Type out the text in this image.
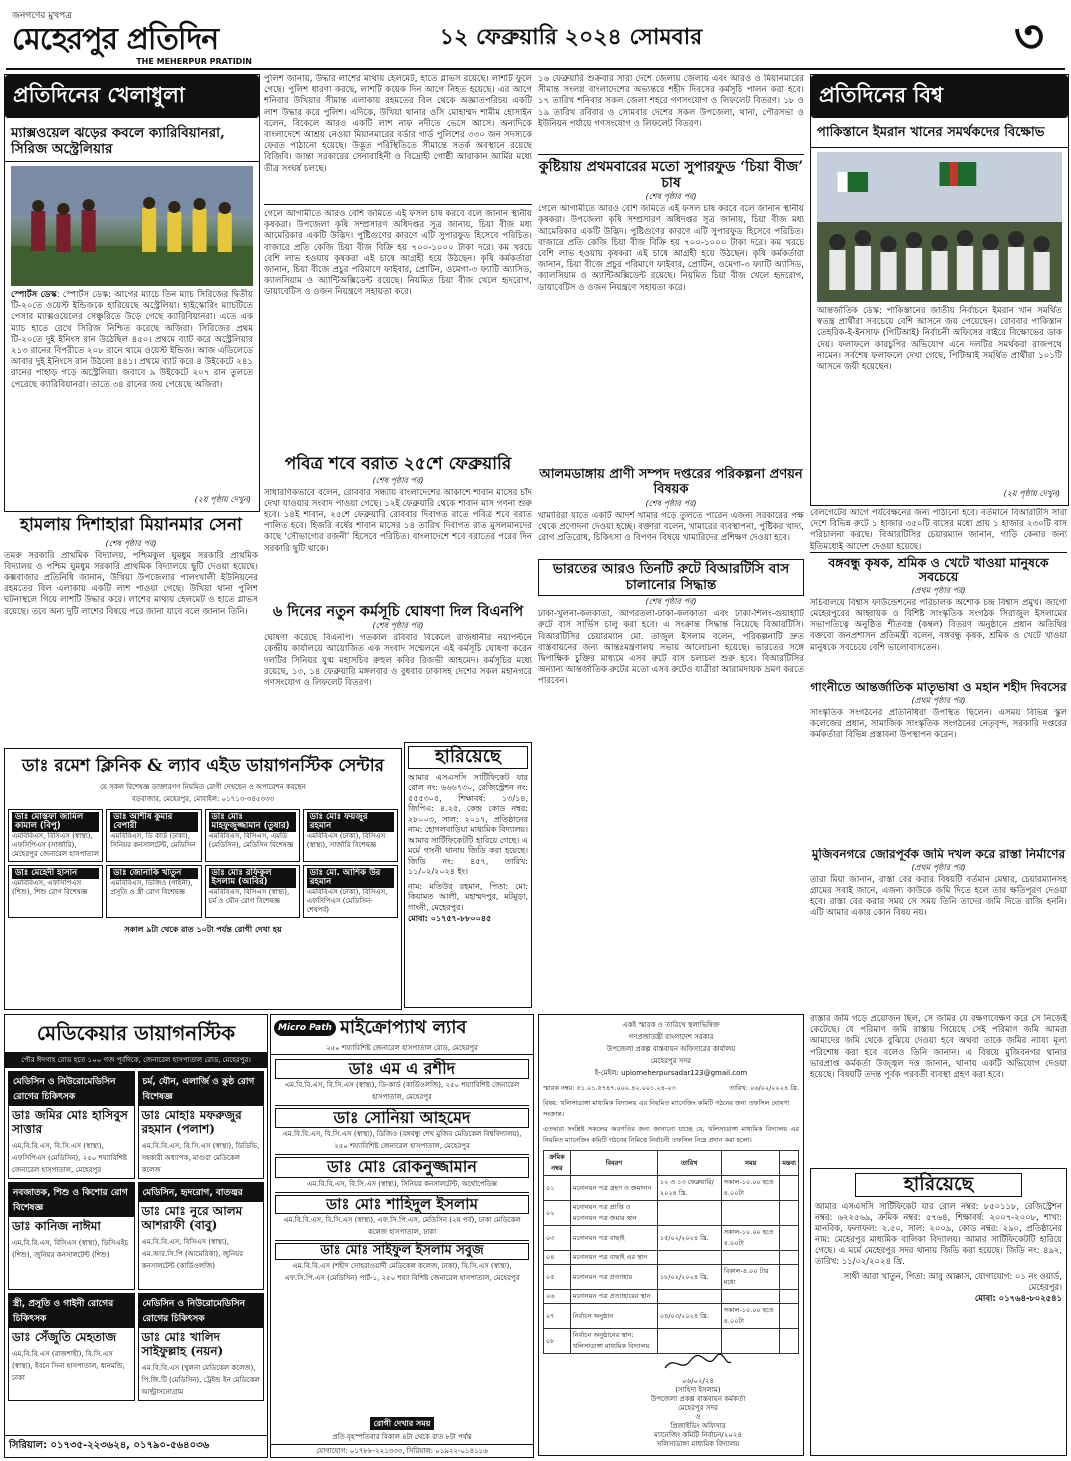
জনগণের মুখপত্র
মেহেরপুর প্রতিদিন
THE MEHERPUR PRATIDIN
১২ ফেব্রুয়ারি ২০২৪ সোমবার	৩
প্রতিদিনের খেলাধুলা
ম্যাক্সওয়েল ঝড়ের কবলে ক্যারিবিয়ানরা, সিরিজ অস্ট্রেলিয়ার
স্পোর্টস ডেস্ক: স্পোর্টস ডেস্ক: আগের ম্যাচে তিন ম্যাচ সিরিজের দ্বিতীয় টি-২০তে ওয়েস্ট ইন্ডিজকে হারিয়েছে অস্ট্রেলিয়া। হাইস্কোরিং ম্যাচটিতে পেসার ম্যাক্সওয়েলের সেঞ্চুরিতে উড়ে গেছে ক্যারিবিয়ানরা। এতে এক ম্যাচ হাতে রেখে সিরিজ নিশ্চিত করেছে অজিরা। সিরিজের প্রথম টি-২০তে দুই ইনিংস রান উঠেছিল ৪৫০। প্রথমে ব্যাট করে অস্ট্রেলিয়ার ২১৩ রানের বিপরীতে ২০৮ রানে থামে ওয়েস্ট ইন্ডিজ। আজ এডিলেডে আবার দুই ইনিংসে রান উঠলো ৪৪১। প্রথমে ব্যাট করে ৪ উইকেটে ২৪১ রানের পাহাড় গড়ে অস্ট্রেলিয়া। জবাবে ৯ উইকেটে ২০৭ রান তুলতে পেরেছে ক্যারিবিয়ানরা। তাতে ৩৪ রানের জয় পেয়েছে অজিরা।
(২য় পৃষ্ঠায় দেখুন)
হামলায় দিশাহারা মিয়ানমার সেনা
(শেষ পৃষ্ঠার পর)
তমরু সরকারি প্রাথমিক বিদ্যালয়, পশ্চিমকুল ঘুমধুম সরকারি প্রাথমিক বিদ্যালয় ও পশ্চিম ঘুমধুম সরকারি প্রাথমিক বিদ্যালয়ে ছুটি দেওয়া হয়েছে। কক্সবাজার প্রতিনিধি জানান, উখিয়া উপজেলার পালংখালী ইউনিয়নের রহমতের বিল এলাকায় একটি লাশ পাওয়া গেছে। উখিয়া থানা পুলিশ ঘটনাস্থলে গিয়ে লাশটি উদ্ধার করে। লাশের মাথায় হেলমেট ও হাতে গ্লাভস রয়েছে। তবে অন্য দুটি লাশের বিষয়ে পরে জানা যাবে বলে জানান তিনি।
পুলিশ জানায়, উদ্ধার লাশের মাথায় হেলমেট, হাতে গ্লাভস রয়েছে। লাশটি ফুলে গেছে। পুলিশ ধারণা করছে, লাশটি কয়েক দিন আগে নিহত হয়েছে। এর আগে শনিবার উখিয়ার সীমান্ত এলাকায় রহমতের বিল থেকে অজ্ঞাতপরিচয় একটি লাশ উদ্ধার করে পুলিশ। এদিকে, উখিয়া থানার ওসি মোহাম্মদ শামীম হোসাইন বলেন, বিকেলে আরও একটি লাশ নাফ নদীতে ভেসে আসে। অন্যদিকে বাংলাদেশে আশ্রয় নেওয়া মিয়ানমারের বর্ডার গার্ড পুলিশের ৩৩০ জন সদস্যকে ফেরত পাঠানো হয়েছে। উদ্ভূত পরিস্থিতিতে সীমান্তে সতর্ক অবস্থানে রয়েছে বিজিবি। জান্তা সরকারের সেনাবাহিনী ও বিদ্রোহী গোষ্ঠী আরাকান আর্মির মধ্যে তীব্র সংঘর্ষ চলছে।
গেলে আগামীতে আরও বেশি জমিতে এই ফসল চাষ করবে বলে জানান স্থানীয় কৃষকরা। উপজেলা কৃষি সম্প্রসারণ অধিদপ্তর সূত্র জানায়, চিয়া বীজ মধ্য আমেরিকার একটি উদ্ভিদ। পুষ্টিগুণের কারণে এটি সুপারফুড হিসেবে পরিচিত। বাজারে প্রতি কেজি চিয়া বীজ বিক্রি হয় ৭০০-১০০০ টাকা দরে। কম খরচে বেশি লাভ হওয়ায় কৃষকরা এই চাষে আগ্রহী হয়ে উঠছেন। কৃষি কর্মকর্তারা জানান, চিয়া বীজে প্রচুর পরিমাণে ফাইবার, প্রোটিন, ওমেগা-৩ ফ্যাটি অ্যাসিড, ক্যালসিয়াম ও অ্যান্টিঅক্সিডেন্ট রয়েছে। নিয়মিত চিয়া বীজ খেলে হৃদরোগ, ডায়াবেটিস ও ওজন নিয়ন্ত্রণে সহায়তা করে।
পবিত্র শবে বরাত ২৫শে ফেব্রুয়ারি
(শেষ পৃষ্ঠার পর)
সাধারণিকভাবে বলেন, রোববার সন্ধ্যায় বাংলাদেশের আকাশে শাবান মাসের চাঁদ দেখা যাওয়ার সংবাদ পাওয়া গেছে। ১২ই ফেব্রুয়ারি থেকে শাবান মাস গণনা শুরু হবে। ১৪ই শাবান, ২৫শে ফেব্রুয়ারি রোববার দিবাগত রাতে পবিত্র শবে বরাত পালিত হবে। হিজরি বর্ষের শাবান মাসের ১৪ তারিখ দিবাগত রাত মুসলমানদের কাছে ‘সৌভাগ্যের রজনী’ হিসেবে পরিচিত। বাংলাদেশে শবে বরাতের পরের দিন সরকারি ছুটি থাকে।
৬ দিনের নতুন কর্মসূচি ঘোষণা দিল বিএনপি
(শেষ পৃষ্ঠার পর)
ঘোষণা করেছে বিএনপি। গতকাল রবিবার বিকেলে রাজধানীর নয়াপল্টনে কেন্দ্রীয় কার্যালয়ে আয়োজিত এক সংবাদ সম্মেলনে এই কর্মসূচি ঘোষণা করেন দলটির সিনিয়র যুগ্ম মহাসচিব রুহুল কবির রিজভী আহমেদ। কর্মসূচির মধ্যে রয়েছে, ১৩, ১৪ ফেব্রুয়ারি মঙ্গলবার ও বুধবার ঢাকাসহ দেশের সকল মহানগরে গণসংযোগ ও লিফলেট বিতরণ।
১৬ ফেব্রুয়ারি শুক্রবার সারা দেশে জেলায় জেলায় এবং আরও ও মিয়ানমারের সীমান্ত সংলগ্ন বাংলাদেশের অভ্যন্তরে শহীদ দিবসের কর্মসূচি পালন করা হবে। ১৭ তারিখ শনিবার সকল জেলা শহরে গণসংযোগ ও লিফলেট বিতরণ। ১৮ ও ১৯ তারিখ রবিবার ও সোমবার দেশের সকল উপজেলা, থানা, পৌরসভা ও ইউনিয়ন পর্যায়ে গণসংযোগ ও লিফলেট বিতরণ।
কুষ্টিয়ায় প্রথমবারের মতো সুপারফুড ‘চিয়া বীজ’ চাষ
(শেষ পৃষ্ঠার পর)
গেলে আগামীতে আরও বেশি জমিতে এই ফসল চাষ করবে বলে জানান স্থানীয় কৃষকরা। উপজেলা কৃষি সম্প্রসারণ অধিদপ্তর সূত্র জানায়, চিয়া বীজ মধ্য আমেরিকার একটি উদ্ভিদ। পুষ্টিগুণের কারণে এটি সুপারফুড হিসেবে পরিচিত। বাজারে প্রতি কেজি চিয়া বীজ বিক্রি হয় ৭০০-১০০০ টাকা দরে। কম খরচে বেশি লাভ হওয়ায় কৃষকরা এই চাষে আগ্রহী হয়ে উঠছেন। কৃষি কর্মকর্তারা জানান, চিয়া বীজে প্রচুর পরিমাণে ফাইবার, প্রোটিন, ওমেগা-৩ ফ্যাটি অ্যাসিড, ক্যালসিয়াম ও অ্যান্টিঅক্সিডেন্ট রয়েছে। নিয়মিত চিয়া বীজ খেলে হৃদরোগ, ডায়াবেটিস ও ওজন নিয়ন্ত্রণে সহায়তা করে।
আলমডাঙ্গায় প্রাণী সম্পদ দপ্তরের পরিকল্পনা প্রণয়ন বিষয়ক
(শেষ পৃষ্ঠার পর)
খামারিরা যাতে একটি আদর্শ খামার গড়ে তুলতে পারেন এজন্য সরকারের পক্ষ থেকে প্রণোদনা দেওয়া হচ্ছে। বক্তারা বলেন, খামারের ব্যবস্থাপনা, পুষ্টিকর খাদ্য, রোগ প্রতিরোধ, চিকিৎসা ও বিপণন বিষয়ে খামারিদের প্রশিক্ষণ দেওয়া হবে।
ভারতের আরও তিনটি রুটে বিআরটিসি বাস চালানোর সিদ্ধান্ত
(শেষ পৃষ্ঠার পর)
ঢাকা-খুলনা-কলকাতা, আগরতলা-ঢাকা-কলকাতা এবং ঢাকা-শিলং-গুয়াহাটি রুটে বাস সার্ভিস চালু করা হবে। এ সংক্রান্ত সিদ্ধান্ত নিয়েছে বিআরটিসি। বিআরটিসির চেয়ারম্যান মো. তাজুল ইসলাম বলেন, পরিকল্পনাটি দ্রুত বাস্তবায়নের জন্য আন্তঃমন্ত্রণালয় সভায় আলোচনা হয়েছে। ভারতের সঙ্গে দ্বিপাক্ষিক চুক্তির মাধ্যমে এসব রুটে বাস চলাচল শুরু হবে। বিআরটিসির অন্যান্য আন্তর্জাতিক রুটের মতো এসব রুটেও যাত্রীরা আরামদায়ক ভ্রমণ করতে পারবেন।
প্রতিদিনের বিশ্ব
পাকিস্তানে ইমরান খানের সমর্থকদের বিক্ষোভ
আন্তর্জাতিক ডেস্ক: পাকিস্তানের জাতীয় নির্বাচনে ইমরান খান সমর্থিত স্বতন্ত্র প্রার্থীরা সবচেয়ে বেশি আসনে জয় পেয়েছেন। রোববার পাকিস্তান তেহরিক-ই-ইনসাফ (পিটিআই) নির্বাচনী অফিসের বাইরে বিক্ষোভের ডাক দেয়। ফলাফলে কারচুপির অভিযোগ এনে দলটির সমর্থকরা রাজপথে নামেন। সর্বশেষ ফলাফলে দেখা গেছে, পিটিআই সমর্থিত প্রার্থীরা ১০১টি আসনে জয়ী হয়েছেন।
(২য় পৃষ্ঠায় দেখুন)
বেলগেটের আগে পর্যবেক্ষনের জন্য পাঠানো হবে। বর্তমানে বিআরটিসি সারা দেশে বিভিন্ন রুটে ১ হাজার ৩৫০টি বাসের মধ্যে প্রায় ১ হাজার ২৩০টি বাস পরিচালনা করছে। বিআরটিসির চেয়ারম্যান জানান, গাড়ি কেনার জন্য ইতিমধ্যেই আদেশ দেওয়া হয়েছে।
বঙ্গবন্ধু কৃষক, শ্রমিক ও খেটে খাওয়া মানুষকে সবচেয়ে
(প্রথম পৃষ্ঠার পর)
সচিবালয়ে বিশ্বাস ফাউন্ডেশনের পরিচালক অশোক চন্দ্র বিশ্বাস প্রমুখ। জাগো মেহেরপুরের আহ্বায়ক ও বিশিষ্ট সাংস্কৃতিক সংগঠক সিরাজুল ইসলামের সভাপতিত্বে অনুষ্ঠিত শীতবস্ত্র (কম্বল) বিতরণ অনুষ্ঠানে প্রধান অতিথির বক্তব্যে জনপ্রশাসন প্রতিমন্ত্রী বলেন, বঙ্গবন্ধু কৃষক, শ্রমিক ও খেটে খাওয়া মানুষকে সবচেয়ে বেশি ভালোবাসতেন।
গাংনীতে আন্তর্জাতিক মাতৃভাষা ও মহান শহীদ দিবসের
(প্রথম পৃষ্ঠার পর)
সাংস্কৃতিক সংগঠনের প্রতিনিধিরা উপস্থিত ছিলেন। এসময় বিভিন্ন স্কুল কলেজের প্রধান, সামাজিক সাংস্কৃতিক সংগঠনের নেতৃবৃন্দ, সরকারি দপ্তরের কর্মকর্তারা বিভিন্ন প্রস্তাবনা উপস্থাপন করেন।
মুজিবনগরে জোরপূর্বক জমি দখল করে রাস্তা নির্মাণের
(প্রথম পৃষ্ঠার পর)
তারা মিয়া জানান, রাস্তা বের করার বিষয়টি বর্তমান মেম্বার, চেয়ারম্যানসহ গ্রামের সবাই জানে, এজন্য কাউকে জমি দিতে হলে তার ক্ষতিপূরণ দেওয়া হবে। রাস্তা বের করার সময় সে সময় তিনি তাদের জমি দিতে রাজি হননি। এটি আমার একার কোন বিষয় নয়।
ডাঃ রমেশ ক্লিনিক & ল্যাব এইড ডায়াগনস্টিক সেন্টার
যে সকল বিশেষজ্ঞ ডাক্তারগণ নিয়মিত রোগী দেখছেন ও অপারেশন করছেন
বড়বাজার, মেহেরপুর, মোবাইল: ০১৭১৩-৩৪৫৩৩৩
ডাঃ মোস্তফা জামিল কামাল (বিপু)
এমবিবিএস, বিসিএস (স্বাস্থ্য), এফসিপিএস (সার্জারি), মেহেরপুর জেনারেল হাসপাতাল
ডাঃ আশীষ কুমার বেপারী
এমবিবিএস, ডি কার্ড (ঢাকা), সিনিয়র কনসালটেন্ট, মেডিসিন
ডাঃ মোঃ মাহফুজুজ্জামান (তুষার)
এমবিবিএস, বিসিএস, এমডি (মেডিসিন), মেডিসিন বিশেষজ্ঞ
ডাঃ মোঃ ফয়জুর রহমান
এমবিবিএস (ঢাকা), বিসিএস (স্বাস্থ্য), সার্জারি বিশেষজ্ঞ
ডাঃ মেহেদী হাসান
এমবিবিএস, এফসিপিএস (শিশু), শিশু রোগ বিশেষজ্ঞ
ডাঃ জোনাকি খাতুন
এমবিবিএস, ডিজিও (গাইনী), প্রসূতি ও স্ত্রী রোগ বিশেষজ্ঞ
ডাঃ মোঃ রফিকুল ইসলাম (আবির)
এমবিবিএস, বিসিএস (স্বাস্থ্য), চর্ম ও যৌন রোগ বিশেষজ্ঞ
ডাঃ মো. আশিক উর রহমান
এমবিবিএস (ঢাকা), বিসিএস, এফসিপিএস (মেডিসিন-শেষপর্ব)
সকাল ৯টা থেকে রাত ১০টা পর্যন্ত রোগী দেখা হয়
হারিয়েছে
আমার এসএসসি সার্টিফিকেট যার রোল নং: ৬৬৬৭৩০, রেজিস্ট্রেশন নং: ৫৫৫৩০৫, শিক্ষাবর্ষ: ১৩/১৪, জিপিএ: ৪.২৫, কেন্দ্র কোড নম্বর: ২৮০০৩, সাল: ২০১৭, প্রতিষ্ঠানের নাম: হোগলবাড়িয়া মাধ্যমিক বিদ্যালয়। আমার সার্টিফিকেটটি হারিয়ে গেছে। এ মর্মে গাংনী থানায় জিডি করা হয়েছে। জিডি নং: ৪৫৭, তারিখ: ১১/০২/২০২৪ ইং।
নাম: মতিউর রহমান, পিতা: মো: কিয়ামত আলী, মহাম্মদপুর, মটমুড়া, গাংনী, মেহেরপুর।
মোবা: ০১৭৫৭-৮৮০০৪৫
মেডিকেয়ার ডায়াগনস্টিক
পৌর ঈদগাহ রোড হতে ১০০ গজ পূর্বদিকে, জেনারেল হাসপাতাল রোড, মেহেরপুর।
মেডিসিন ও নিউরোমেডিসিন রোগের চিকিৎসক
ডাঃ জমির মোঃ হাসিবুস সাত্তার
এম.বি.বি.এস, বি.সি.এস (স্বাস্থ্য), এফসিপিএস (মেডিসিন), ২৫০ শয্যাবিশিষ্ট জেনারেল হাসপাতাল, মেহেরপুর
চর্ম, যৌন, এলার্জি ও কুষ্ঠ রোগ বিশেষজ্ঞ
ডাঃ মোহাঃ মফরুজুর রহমান (পলাশ)
এম.বি.বি.এস, বি.সি.এস (স্বাস্থ্য), ডিডিভি, সহকারী অধ্যাপক, মাগুরা মেডিকেল কলেজ
নবজাতক, শিশু ও কিশোর রোগ বিশেষজ্ঞ
ডাঃ কানিজ নাঈমা
এম.বি.বি.এস, বিসিএস (স্বাস্থ্য), ডিসিএইচ (শিশু), জুনিয়র কনসালটেন্ট (শিশু)
মেডিসিন, হৃদরোগ, বাতজ্বর
ডাঃ মোঃ নুরে আলম আশরাফী (বাবু)
এম.বি.বি.এস, বিসিএস (স্বাস্থ্য), এম.আর.সি.পি (আমেরিকা), জুনিয়র কনসালটেন্ট (কার্ডিওলজি)
স্ত্রী, প্রসূতি ও গাইনী রোগের চিকিৎসক
ডাঃ সেঁজুতি মেহতাজ
এম.বি.বি.এস (রাজশাহী), বি.সি.এস (স্বাস্থ্য), ইবনে সিনা হাসপাতাল, ধানমন্ডি, ঢাকা
মেডিসিন ও নিউরোমেডিসিন রোগের চিকিৎসক
ডাঃ মোঃ খালিদ সাইফুল্লাহ (নয়ন)
এম.বি.বি.এস (খুলনা মেডিকেল কলেজ), পি.জি.টি (মেডিসিন), ট্রেইন্ড ইন মেডিকেল আল্ট্রাসনোগ্রাম
সিরিয়াল: ০১৭৩৫-২২৩৬২৪, ০১৭৯০-৫৬৪০৩৬
Micro Path মাইক্রোপ্যাথ ল্যাব
২৫০ শয্যাবিশিষ্ট জেনারেল হাসপাতাল রোড, মেহেরপুর
ডাঃ এম এ রশীদ
এম.বি.বি.এস, বি.সি.এস (স্বাস্থ্য), ডি-কার্ড (কার্ডিওলজি), ২৫০ শয্যাবিশিষ্ট জেনারেল হাসপাতাল, মেহেরপুর
ডাঃ সোনিয়া আহমেদ
এম.বি.বি.এস, বি.সি.এস (স্বাস্থ্য), ডিজিও (বঙ্গবন্ধু শেখ মুজিব মেডিকেল বিশ্ববিদ্যালয়), ২৫০ শয্যাবিশিষ্ট জেনারেল হাসপাতাল, মেহেরপুর
ডাঃ মোঃ রোকনুজ্জামান
এম.বি.বি.এস, বি.সি.এস (স্বাস্থ্য), সিনিয়র কনসালটেন্ট, অর্থোপেডিক্স
ডাঃ মোঃ শাহিদুল ইসলাম
এম.বি.বি.এস, বি.সি.এস (স্বাস্থ্য), এফ.সি.পি.এস, মেডিসিন (২য় পর্ব), ঢাকা মেডিকেল কলেজ হাসপাতাল, ঢাকা
ডাঃ মোঃ সাইফুল ইসলাম সবুজ
এম.বি.বি.এস (শহীদ সোহরাওয়ার্দী মেডিকেল কলেজ, ঢাকা), বি.সি.এস (স্বাস্থ্য), এফ.সি.পি.এস (মেডিসিন) পার্ট-১, ২৫০ শয্যা বিশিষ্ট জেনারেল হাসপাতাল, মেহেরপুর
রোগী দেখার সময়
প্রতি বৃহস্পতিবার বিকাল ৪টা থেকে রাত ৮টা পর্যন্ত
যোগাযোগ: ০১৭৮৮-২২১৩৩৩, সিরিয়াল: ০১৯২২-০১৪১১৬
একই স্মারক ও তারিখে স্থলাভিষিক্ত
গণপ্রজাতন্ত্রী বাংলাদেশ সরকার
উপজেলা প্রকল্প বাস্তবায়ন অফিসারের কার্যালয়
মেহেরপুর সদর
ই-মেইল: upiomeherpursadar123@gmail.com
স্মারক নম্বর: ৫১.০১.৫৭৪৭.০০০.৪২.০০১.২৪-২৩	তারিখ: ০৬/০২/২০২৪ খ্রি.
বিষয়: খলিসাডাঙ্গা মাধ্যমিক বিদ্যালয় এর নিয়মিত ম্যানেজিং কমিটি গঠনের জন্য তফসিল ঘোষণা সংক্রান্ত।
এতদ্বারা সংশ্লিষ্ট সকলের অবগতির জন্য জানানো যাচ্ছে যে, খলিসাডাঙ্গা মাধ্যমিক বিদ্যালয় এর নিয়মিত ম্যানেজিং কমিটি গঠনের নিমিত্তে নির্বাচনী তফসিল নিম্নে প্রদান করা হলো।
ক্রমিক নম্বর	বিবরণ	তারিখ	সময়	মন্তব্য
০১	মনোনয়ন পত্র গ্রহণ ও জমাদান	১২ ও ১৩ ফেব্রুয়ারি/২০২৪ খ্রি.	সকাল-১০.০০ হতে ৪.০০টা	
০২	মনোনয়ন পত্র প্রাপ্তি ও মনোনয়ন পত্র জমার স্থান			
০৩	মনোনয়ন পত্র বাছাই	১৫/০২/২০২৪ খ্রি.	সকাল-১০.০০ হতে ৪.০০টা	
০৪	মনোনয়ন পত্র বাছাই এর স্থান			
০৫	মনোনয়ন পত্র প্রত্যাহার	১৮/০২/২০২৪ খ্রি.	বিকাল-৪.০০ টার মধ্যে	
০৬	মনোনয়ন পত্র প্রত্যাহারের স্থান			
০৭	নির্বাচন অনুষ্ঠান	০৪/০৩/২০২৪ খ্রি.	সকাল-১০.০০ হতে ৪.০০টা	
০৮	নির্বাচন অনুষ্ঠানের স্থান: খলিসাডাঙ্গা মাধ্যমিক বিদ্যালয়			
০৬/০২/২৪
(সাহিদা ইসলাম)
উপজেলা প্রকল্প বাস্তবায়ন কর্মকর্তা
মেহেরপুর সদর
ও
প্রিজাইডিং অফিসার
ম্যানেজিং কমিটি নির্বাচন/২০২৪
খলিসাডাঙ্গা মাধ্যমিক বিদ্যালয়
রাস্তার জমি গড়ে প্রয়োজন ছিল, সে জমির যে রক্ষণাবেক্ষণ করে সে নিজেই কেটেছে। যে পরিমাণ জমি রাস্তায় গিয়েছে সেই পরিমাণ জমি আমরা আমাদের জমি থেকে বুঝিয়ে দেওয়া হবে অথবা তাকে জমির ন্যায্য মূল্য পরিশোধ করা হবে বলেও তিনি জানান। এ বিষয়ে মুজিবনগর থানার ভারপ্রাপ্ত কর্মকর্তা উজ্জ্বল দত্ত জানান, থানায় একটি অভিযোগ দেওয়া হয়েছে। বিষয়টি তদন্ত পূর্বক পরবর্তী ব্যবস্থা গ্রহণ করা হবে।
হারিয়েছে
আমার এসএসসি সার্টিফিকেট যার রোল নম্বর: ৮৫০১১৮, রেজিস্ট্রেশন নম্বর: ৬২২৫৬৯, ক্রমিক নম্বর: ৫৭৬৪, শিক্ষাবর্ষ: ২০০৭-২০০৮, শাখা: মানবিক, ফলাফল: ২.৫০, সাল: ২০০৯, কোড নম্বর: ২৯০, প্রতিষ্ঠানের নাম: মেহেরপুর মাধ্যমিক বালিকা বিদ্যালয়। আমার সার্টিফিকেটটি হারিয়ে গেছে। এ মর্মে মেহেরপুর সদর থানায় জিডি করা হয়েছে। জিডি নং: ৪৯২, তারিখ: ১১/০২/২০২৪ খ্রি.
সাথী আরা খাতুন, পিতা: আবু আক্কাস, যোগাযোগ: ০১ নং ওয়ার্ড, মেহেরপুর।
মোবা: ০১৭৬৪-৮০২৫৪১
